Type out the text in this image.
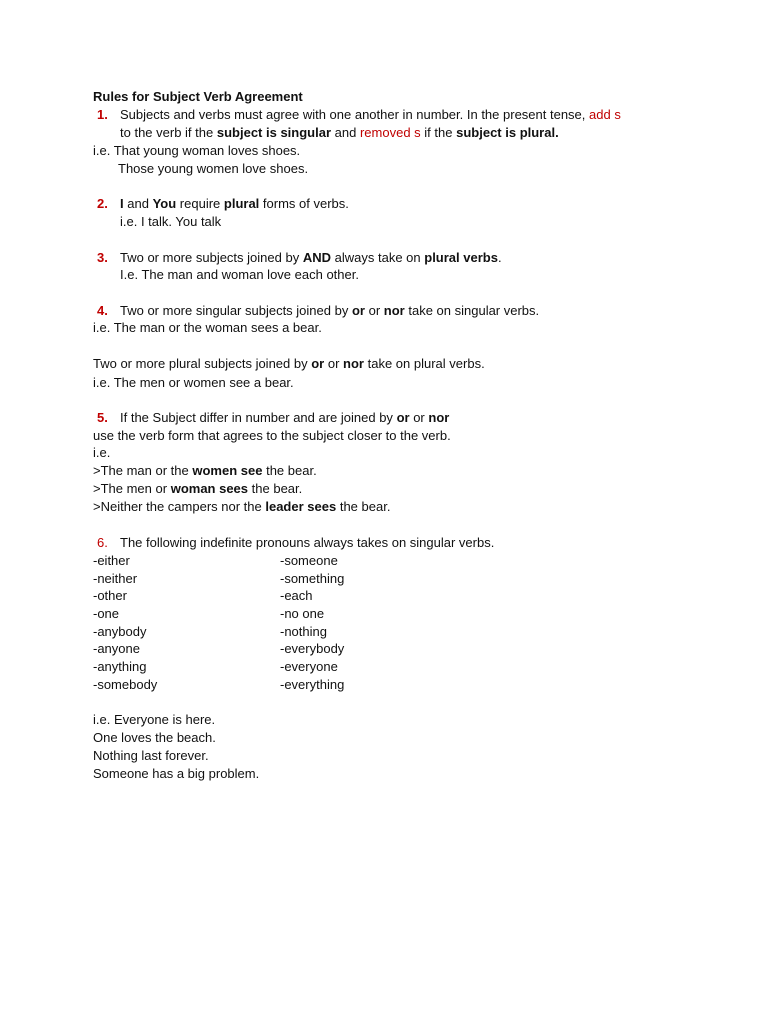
Rules for Subject Verb Agreement
1. Subjects and verbs must agree with one another in number. In the present tense, add s
to the verb if the subject is singular and removed s if the subject is plural.
i.e. That young woman loves shoes.
Those young women love shoes.
2. I and You require plural forms of verbs.
i.e. I talk. You talk
3. Two or more subjects joined by AND always take on plural verbs.
I.e. The man and woman love each other.
4. Two or more singular subjects joined by or or nor take on singular verbs.
i.e. The man or the woman sees a bear.
Two or more plural subjects joined by or or nor take on plural verbs.
i.e. The men or women see a bear.
5. If the Subject differ in number and are joined by or or nor
use the verb form that agrees to the subject closer to the verb.
i.e.
>The man or the women see the bear.
>The men or woman sees the bear.
>Neither the campers nor the leader sees the bear.
6. The following indefinite pronouns always takes on singular verbs.
-either
-neither
-other
-one
-anybody
-anyone
-anything
-somebody
-someone
-something
-each
-no one
-nothing
-everybody
-everyone
-everything
i.e. Everyone is here.
One loves the beach.
Nothing last forever.
Someone has a big problem.
